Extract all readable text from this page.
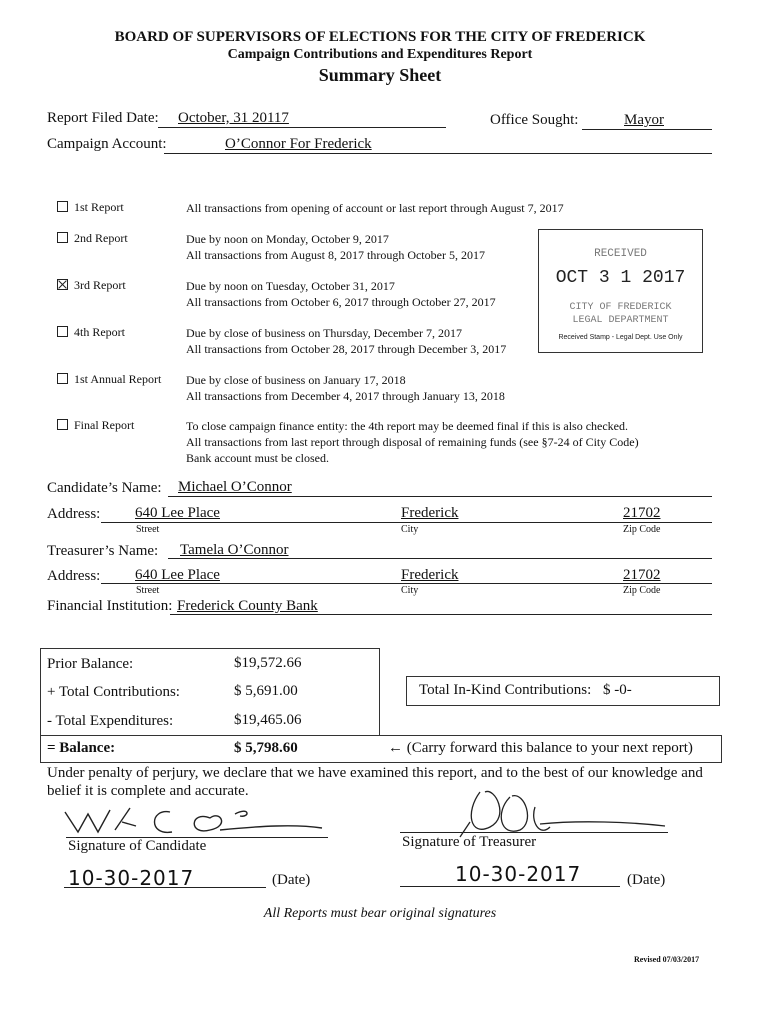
BOARD OF SUPERVISORS OF ELECTIONS FOR THE CITY OF FREDERICK
Campaign Contributions and Expenditures Report
Summary Sheet
Report Filed Date: October, 31 20117	Office Sought:	Mayor
Campaign Account:	O’Connor For Frederick
1st Report	All transactions from opening of account or last report through August 7, 2017
2nd Report	Due by noon on Monday, October 9, 2017
All transactions from August 8, 2017 through October 5, 2017
3rd Report	Due by noon on Tuesday, October 31, 2017
All transactions from October 6, 2017 through October 27, 2017
4th Report	Due by close of business on Thursday, December 7, 2017
All transactions from October 28, 2017 through December 3, 2017
1st Annual Report Due by close of business on January 17, 2018
All transactions from December 4, 2017 through January 13, 2018
Final Report	To close campaign finance entity: the 4th report may be deemed final if this is also checked.
All transactions from last report through disposal of remaining funds (see §7-24 of City Code)
Bank account must be closed.
RECEIVED
OCT 3 1 2017
CITY OF FREDERICK
LEGAL DEPARTMENT
Received Stamp - Legal Dept. Use Only
Candidate’s Name: Michael O’Connor
Address: 640 Lee Place	Frederick	21702
Street	City	Zip Code
Treasurer’s Name: Tamela O’Connor
Address: 640 Lee Place	Frederick	21702
Street	City	Zip Code
Financial Institution: Frederick County Bank
Prior Balance:	$19,572.66
+ Total Contributions:	$ 5,691.00
- Total Expenditures:	$19,465.06
= Balance:	$ 5,798.60	← (Carry forward this balance to your next report)
Total In-Kind Contributions: $ -0-
Under penalty of perjury, we declare that we have examined this report, and to the best of our knowledge and belief it is complete and accurate.
Signature of Candidate	Signature of Treasurer
10-30-2017	(Date)	10-30-2017	(Date)
All Reports must bear original signatures
Revised 07/03/2017
